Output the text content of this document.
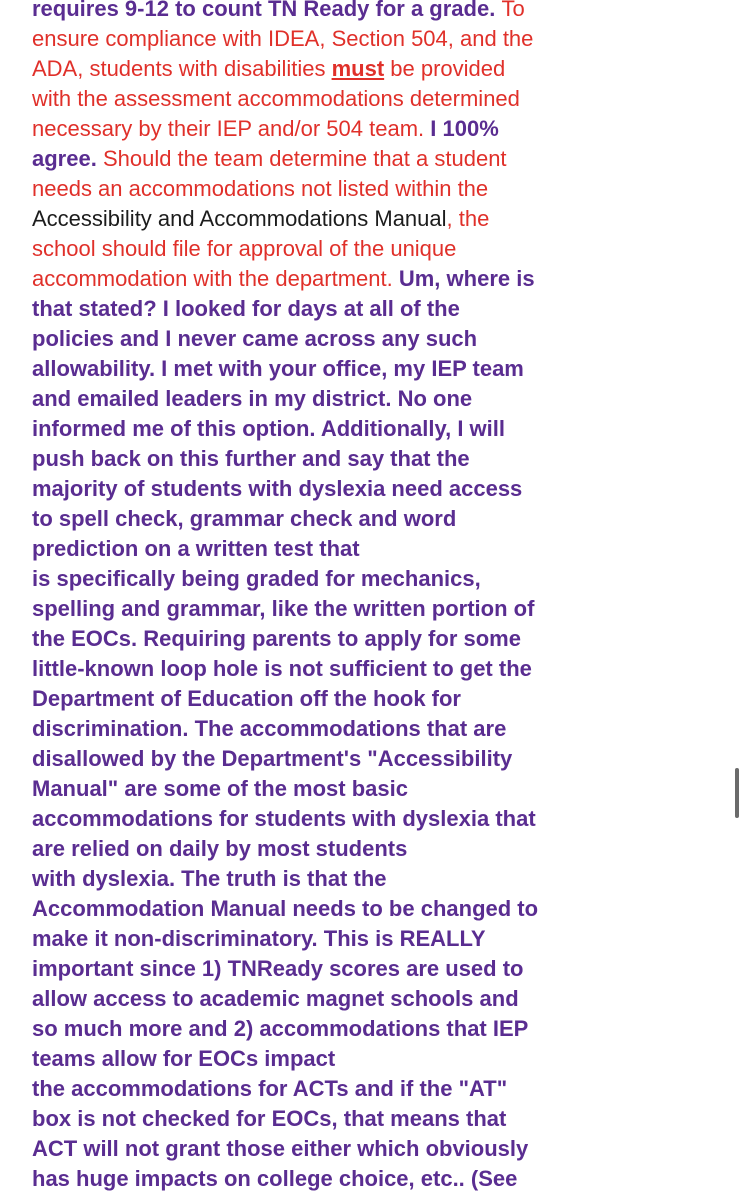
requires 9-12 to count TN Ready for a grade. To
ensure compliance with IDEA, Section 504, and the
ADA, students with disabilities must be provided
with the assessment accommodations determined
necessary by their IEP and/or 504 team. I 100%
agree. Should the team determine that a student
needs an accommodations not listed within the
Accessibility and Accommodations Manual, the
school should file for approval of the unique
accommodation with the department. Um, where is
that stated? I looked for days at all of the
policies and I never came across any such
allowability. I met with your office, my IEP team
and emailed leaders in my district. No one
informed me of this option. Additionally, I will
push back on this further and say that the
majority of students with dyslexia need access
to spell check, grammar check and word
prediction on a written test that
is specifically being graded for mechanics,
spelling and grammar, like the written portion of
the EOCs. Requiring parents to apply for some
little-known loop hole is not sufficient to get the
Department of Education off the hook for
discrimination. The accommodations that are
disallowed by the Department's "Accessibility
Manual" are some of the most basic
accommodations for students with dyslexia that
are relied on daily by most students
with dyslexia. The truth is that the
Accommodation Manual needs to be changed to
make it non-discriminatory. This is REALLY
important since 1) TNReady scores are used to
allow access to academic magnet schools and
so much more and 2) accommodations that IEP
teams allow for EOCs impact
the accommodations for ACTs and if the "AT"
box is not checked for EOCs, that means that
ACT will not grant those either which obviously
has huge impacts on college choice, etc.. (See
